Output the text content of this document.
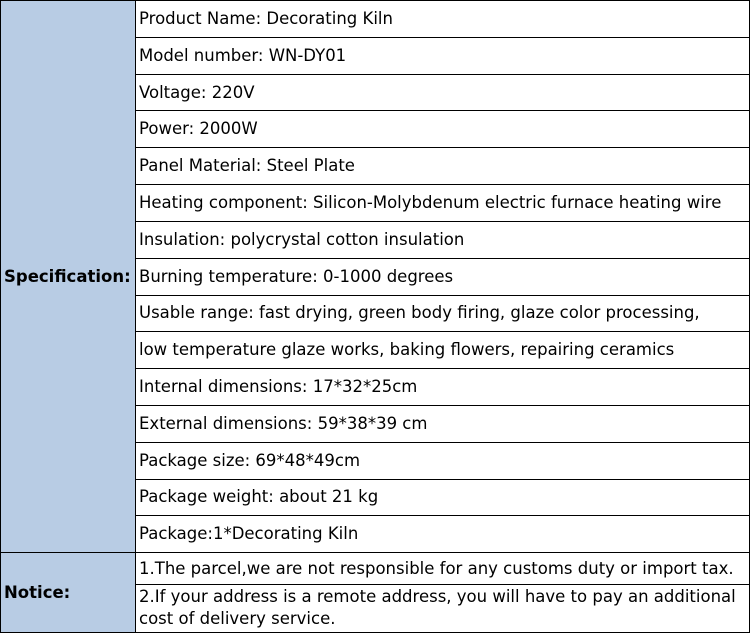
Specification:	Product Name: Decorating Kiln
	Model number: WN-DY01
	Voltage: 220V
	Power: 2000W
	Panel Material: Steel Plate
	Heating component: Silicon-Molybdenum electric furnace heating wire
	Insulation: polycrystal cotton insulation
	Burning temperature: 0-1000 degrees
	Usable range: fast drying, green body firing, glaze color processing,
	low temperature glaze works, baking flowers, repairing ceramics
	Internal dimensions: 17*32*25cm
	External dimensions: 59*38*39 cm
	Package size: 69*48*49cm
	Package weight: about 21 kg
	Package:1*Decorating Kiln
Notice:	1.The parcel,we are not responsible for any customs duty or import tax.
	2.If your address is a remote address, you will have to pay an additional cost of delivery service.
